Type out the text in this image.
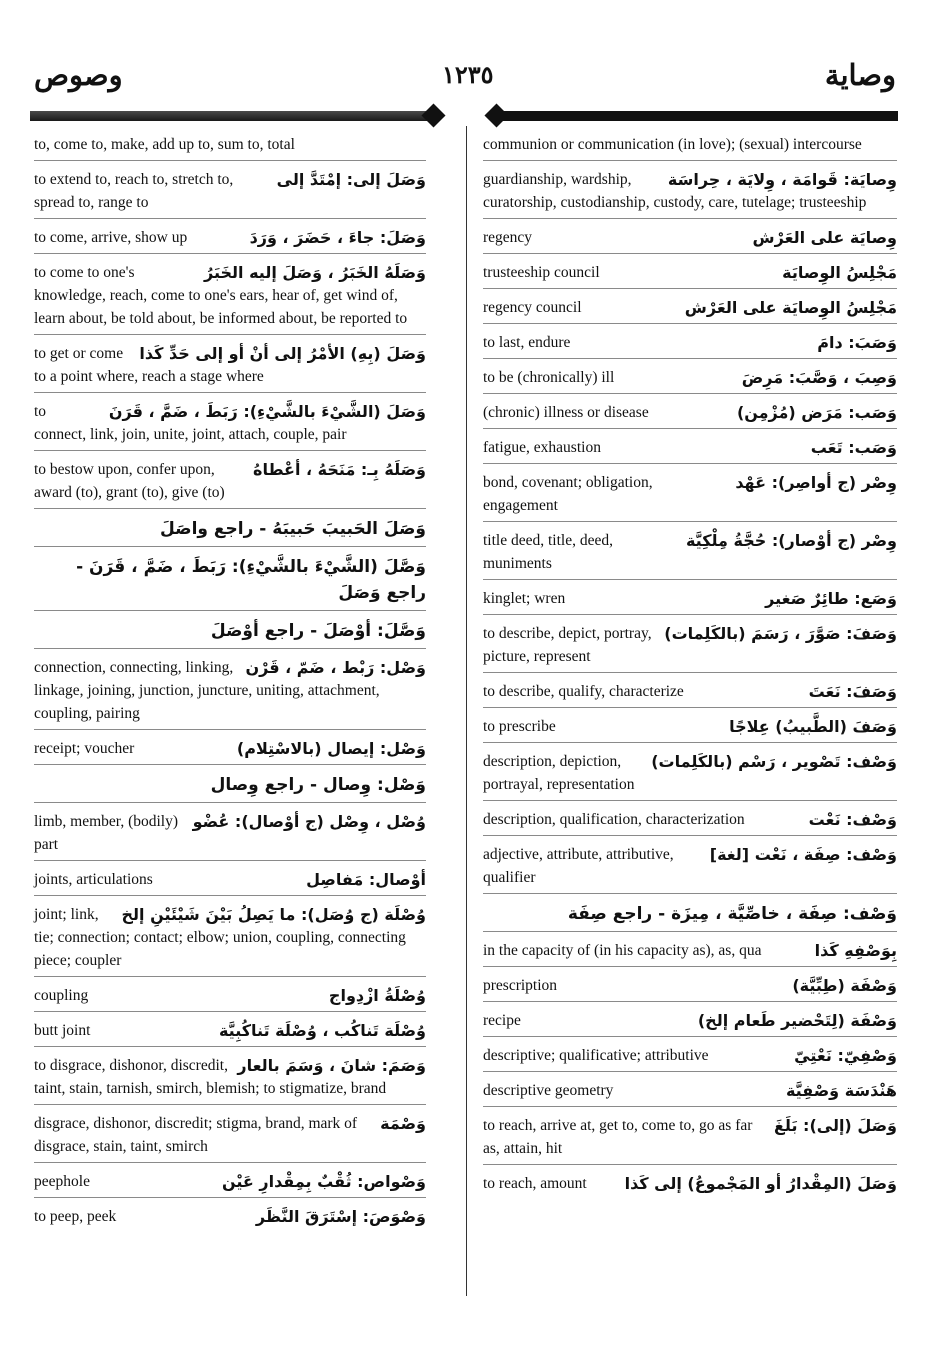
وصوص	١٢٣٥	وصاية
to, come to, make, add up to, sum to, total
وَصَلَ إلى: إمْتَدَّ إلى
to extend to, reach to, stretch to, spread to, range to
وَصَلَ: جاءَ ، حَضَرَ ، وَرَدَ
to come, arrive, show up
وَصَلَهُ الخَبَرُ ، وَصَلَ إليه الخَبَرُ
to come to one's knowledge, reach, come to one's ears, hear of, get wind of, learn about, be told about, be informed about, be reported to
وَصَلَ (بِهِ) الأمْرُ إلى أنْ أو إلى حَدِّ كَذا
to get or come to a point where, reach a stage where
وَصَلَ (الشَّيْءَ بالشَّيْءِ): رَبَطَ ، ضَمَّ ، قَرَنَ
to connect, link, join, unite, joint, attach, couple, pair
وَصَلَهُ بِـ: مَنَحَهُ ، أعْطاهُ
to bestow upon, confer upon, award (to), grant (to), give (to)
وَصَلَ الحَبيبَ حَبيبَهُ - راجع واصَلَ
وَصَّلَ (الشَّيْءَ بالشَّيْءِ): رَبَطَ ، ضَمَّ ، قَرَنَ - راجع وَصَلَ
وَصَّلَ: أوْصَلَ - راجع أوْصَلَ
وَصْل: رَبْط ، ضَمّ ، قَرْن
connection, connecting, linking, linkage, joining, junction, juncture, uniting, attachment, coupling, pairing
وَصْل: إيصال (بالاسْتِلام)
receipt; voucher
وَصْل: وِصال - راجع وِصال
وُصْل ، وِصْل (ج أوْصال): عُضْو
limb, member, (bodily) part
أوْصال: مَفاصِل
joints, articulations
وُصْلَة (ج وُصَل): ما يَصِلُ بَيْنَ شَيْئَيْنِ إلخ
joint; link, tie; connection; contact; elbow; union, coupling, connecting piece; coupler
وُصْلَةُ ازْدِواج
coupling
وُصْلَة تَناكُب ، وُصْلَة تَناكُبِيَّة
butt joint
وَصَمَ: شانَ ، وَسَمَ بالعار
to disgrace, dishonor, discredit, taint, stain, tarnish, smirch, blemish; to stigmatize, brand
وَصْمَة
disgrace, dishonor, discredit; stigma, brand, mark of disgrace, stain, taint, smirch
وَصْواص: ثُقْبٌ بِمِقْدارِ عَيْن
peephole
وَصْوَصَ: إسْتَرَقَ النَّظَر
to peep, peek
communion or communication (in love); (sexual) intercourse
وِصايَة: قَوامَة ، وِلايَة ، حِراسَة
guardianship, wardship, curatorship, custodianship, custody, care, tutelage; trusteeship
وِصايَة على العَرْش
regency
مَجْلِسُ الوِصايَة
trusteeship council
مَجْلِسُ الوِصايَة على العَرْش
regency council
وَصَبَ: دامَ
to last, endure
وَصِبَ ، وَصَّبَ: مَرِضَ
to be (chronically) ill
وَصَب: مَرَض (مُزْمِن)
(chronic) illness or disease
وَصَب: تَعَب
fatigue, exhaustion
وِصْر (ج أواصِر): عَهْد
bond, covenant; obligation, engagement
وِصْر (ج أوْصار): حُجَّةُ مِلْكِيَّة
title deed, title, deed, muniments
وَصَع: طائِرٌ صَغير
kinglet; wren
وَصَفَ: صَوَّرَ ، رَسَمَ (بالكَلِمات)
to describe, depict, portray, picture, represent
وَصَفَ: نَعَتَ
to describe, qualify, characterize
وَصَفَ (الطَّبيبُ) عِلاجًا
to prescribe
وَصْف: تَصْوير ، رَسْم (بالكَلِمات)
description, depiction, portrayal, representation
وَصْف: نَعْت
description, qualification, characterization
وَصْف: صِفَة ، نَعْت [لغة]
adjective, attribute, attributive, qualifier
وَصْف: صِفَة ، خاصِّيَّة ، مِيزَة - راجع صِفَة
بِوَصْفِهِ كَذا
in the capacity of (in his capacity as), as, qua
وَصْفَة (طِبِّيَّة)
prescription
وَصْفَة (لِتَحْضير طَعام إلخ)
recipe
وَصْفِيّ: نَعْتِيّ
descriptive; qualificative; attributive
هَنْدَسَة وَصْفِيَّة
descriptive geometry
وَصَلَ (إلى): بَلَغَ
to reach, arrive at, get to, come to, go as far as, attain, hit
وَصَلَ (المِقْدارُ أو المَجْموعُ) إلى كَذا
to reach, amount
